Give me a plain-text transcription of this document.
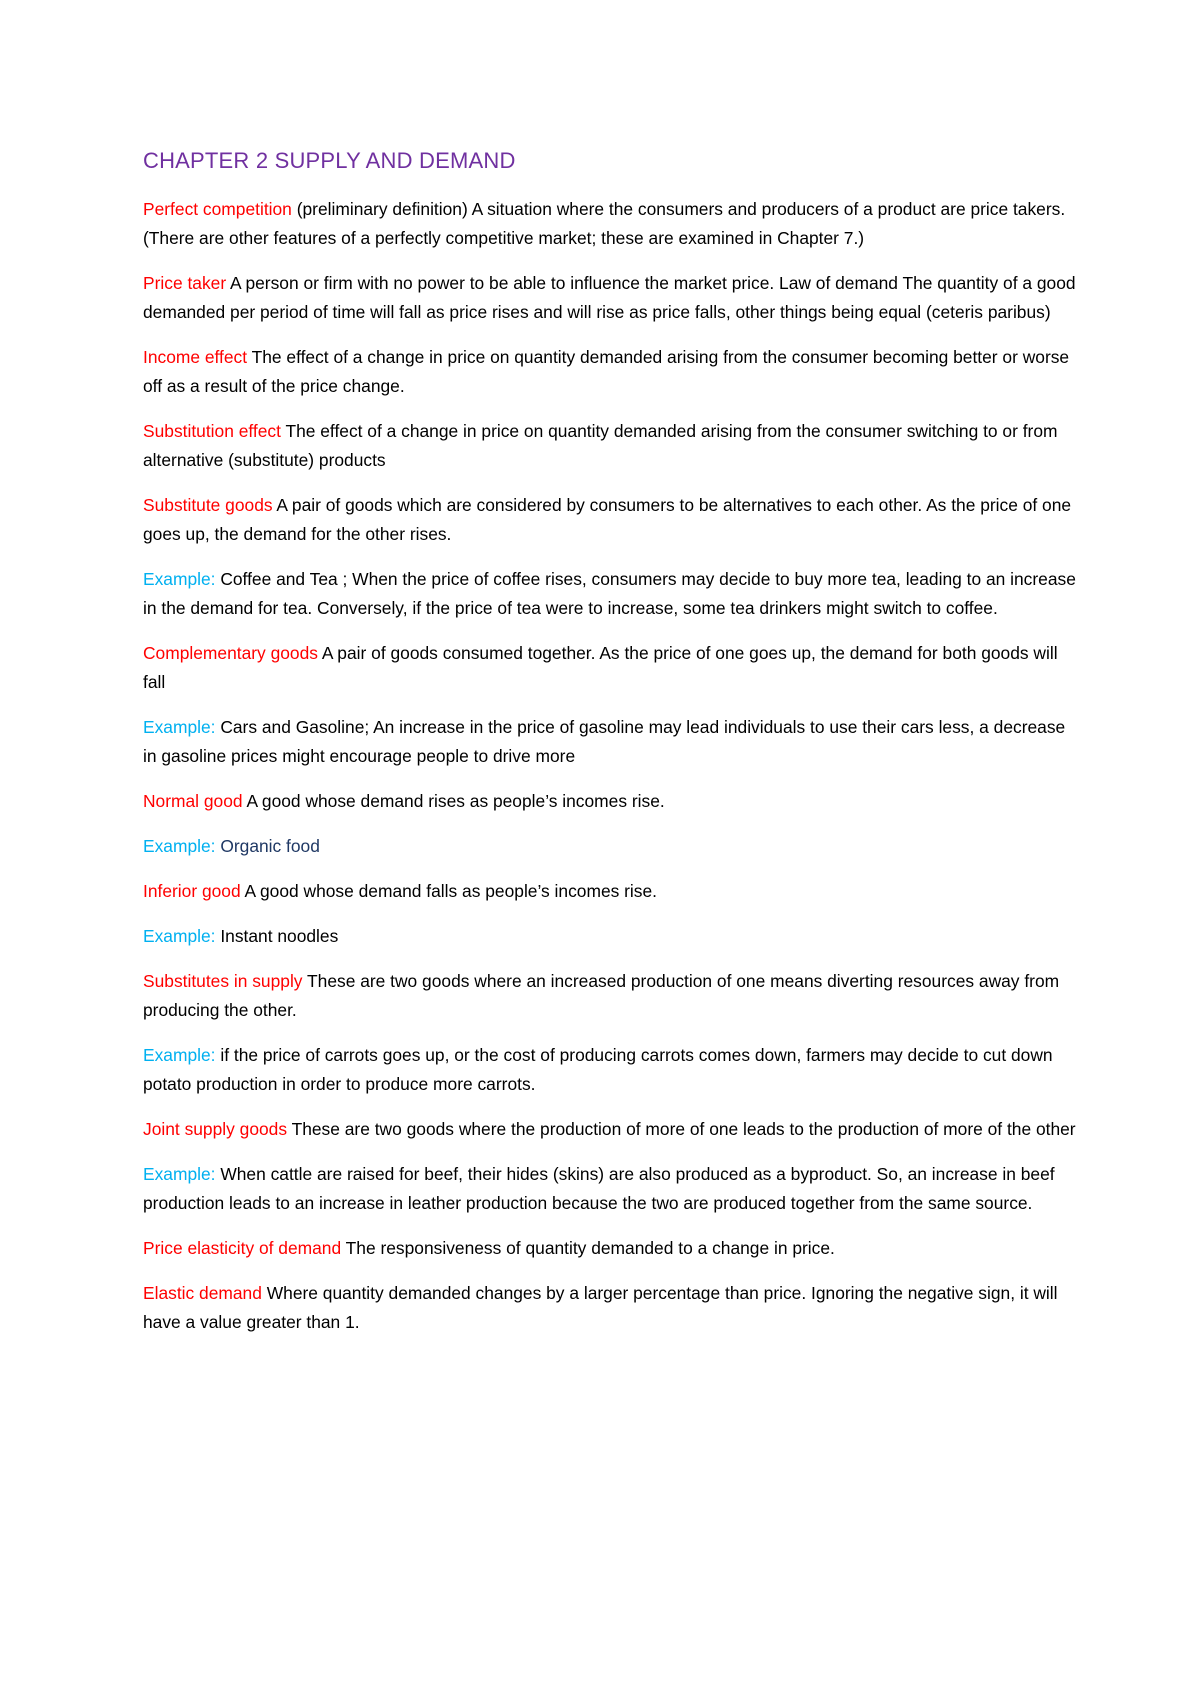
CHAPTER 2 SUPPLY AND DEMAND

Perfect competition (preliminary definition) A situation where the consumers and producers of a product are price takers. (There are other features of a perfectly competitive market; these are examined in Chapter 7.)

Price taker A person or firm with no power to be able to influence the market price. Law of demand The quantity of a good demanded per period of time will fall as price rises and will rise as price falls, other things being equal (ceteris paribus)

Income effect The effect of a change in price on quantity demanded arising from the consumer becoming better or worse off as a result of the price change.

Substitution effect The effect of a change in price on quantity demanded arising from the consumer switching to or from alternative (substitute) products

Substitute goods A pair of goods which are considered by consumers to be alternatives to each other. As the price of one goes up, the demand for the other rises.

Example: Coffee and Tea ; When the price of coffee rises, consumers may decide to buy more tea, leading to an increase in the demand for tea. Conversely, if the price of tea were to increase, some tea drinkers might switch to coffee.

Complementary goods A pair of goods consumed together. As the price of one goes up, the demand for both goods will fall

Example: Cars and Gasoline; An increase in the price of gasoline may lead individuals to use their cars less, a decrease in gasoline prices might encourage people to drive more

Normal good A good whose demand rises as people’s incomes rise.

Example: Organic food

Inferior good A good whose demand falls as people’s incomes rise.

Example: Instant noodles

Substitutes in supply These are two goods where an increased production of one means diverting resources away from producing the other.

Example: if the price of carrots goes up, or the cost of producing carrots comes down, farmers may decide to cut down potato production in order to produce more carrots.

Joint supply goods These are two goods where the production of more of one leads to the production of more of the other

Example: When cattle are raised for beef, their hides (skins) are also produced as a byproduct. So, an increase in beef production leads to an increase in leather production because the two are produced together from the same source.

Price elasticity of demand The responsiveness of quantity demanded to a change in price.

Elastic demand Where quantity demanded changes by a larger percentage than price. Ignoring the negative sign, it will have a value greater than 1.
